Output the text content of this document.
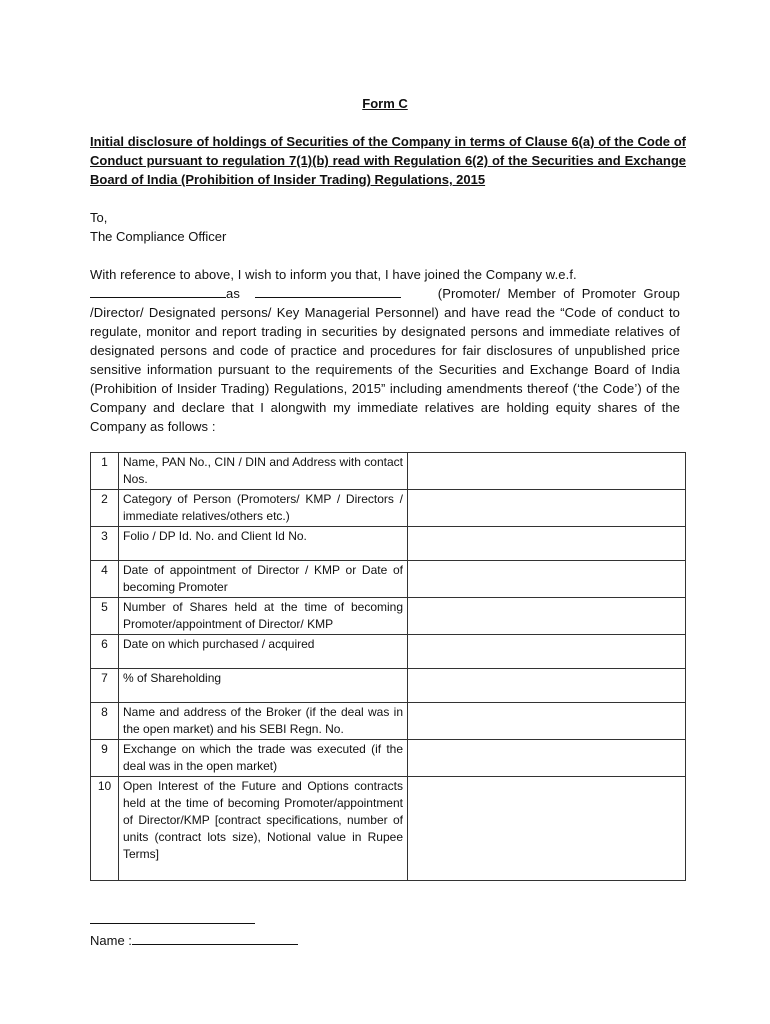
Form C
Initial disclosure of holdings of Securities of the Company in terms of Clause 6(a) of the Code of Conduct pursuant to regulation 7(1)(b) read with Regulation 6(2) of the Securities and Exchange Board of India (Prohibition of Insider Trading) Regulations, 2015
To,
The Compliance Officer
With reference to above, I wish to inform you that, I have joined the Company w.e.f.
as	(Promoter/ Member of Promoter Group /Director/ Designated persons/ Key Managerial Personnel) and have read the “Code of conduct to regulate, monitor and report trading in securities by designated persons and immediate relatives of designated persons and code of practice and procedures for fair disclosures of unpublished price sensitive information pursuant to the requirements of the Securities and Exchange Board of India (Prohibition of Insider Trading) Regulations, 2015” including amendments thereof (‘the Code’) of the Company and declare that I alongwith my immediate relatives are holding equity shares of the Company as follows :
1	Name, PAN No., CIN / DIN and Address with contact Nos.	
2	Category of Person (Promoters/ KMP / Directors / immediate relatives/others etc.)	
3	Folio / DP Id. No. and Client Id No.	
4	Date of appointment of Director / KMP or Date of becoming Promoter	
5	Number of Shares held at the time of becoming Promoter/appointment of Director/ KMP	
6	Date on which purchased / acquired	
7	% of Shareholding	
8	Name and address of the Broker (if the deal was in the open market) and his SEBI Regn. No.	
9	Exchange on which the trade was executed (if the deal was in the open market)	
10	Open Interest of the Future and Options contracts held at the time of becoming Promoter/appointment of Director/KMP [contract specifications, number of units (contract lots size), Notional value in Rupee Terms]	
Name :
